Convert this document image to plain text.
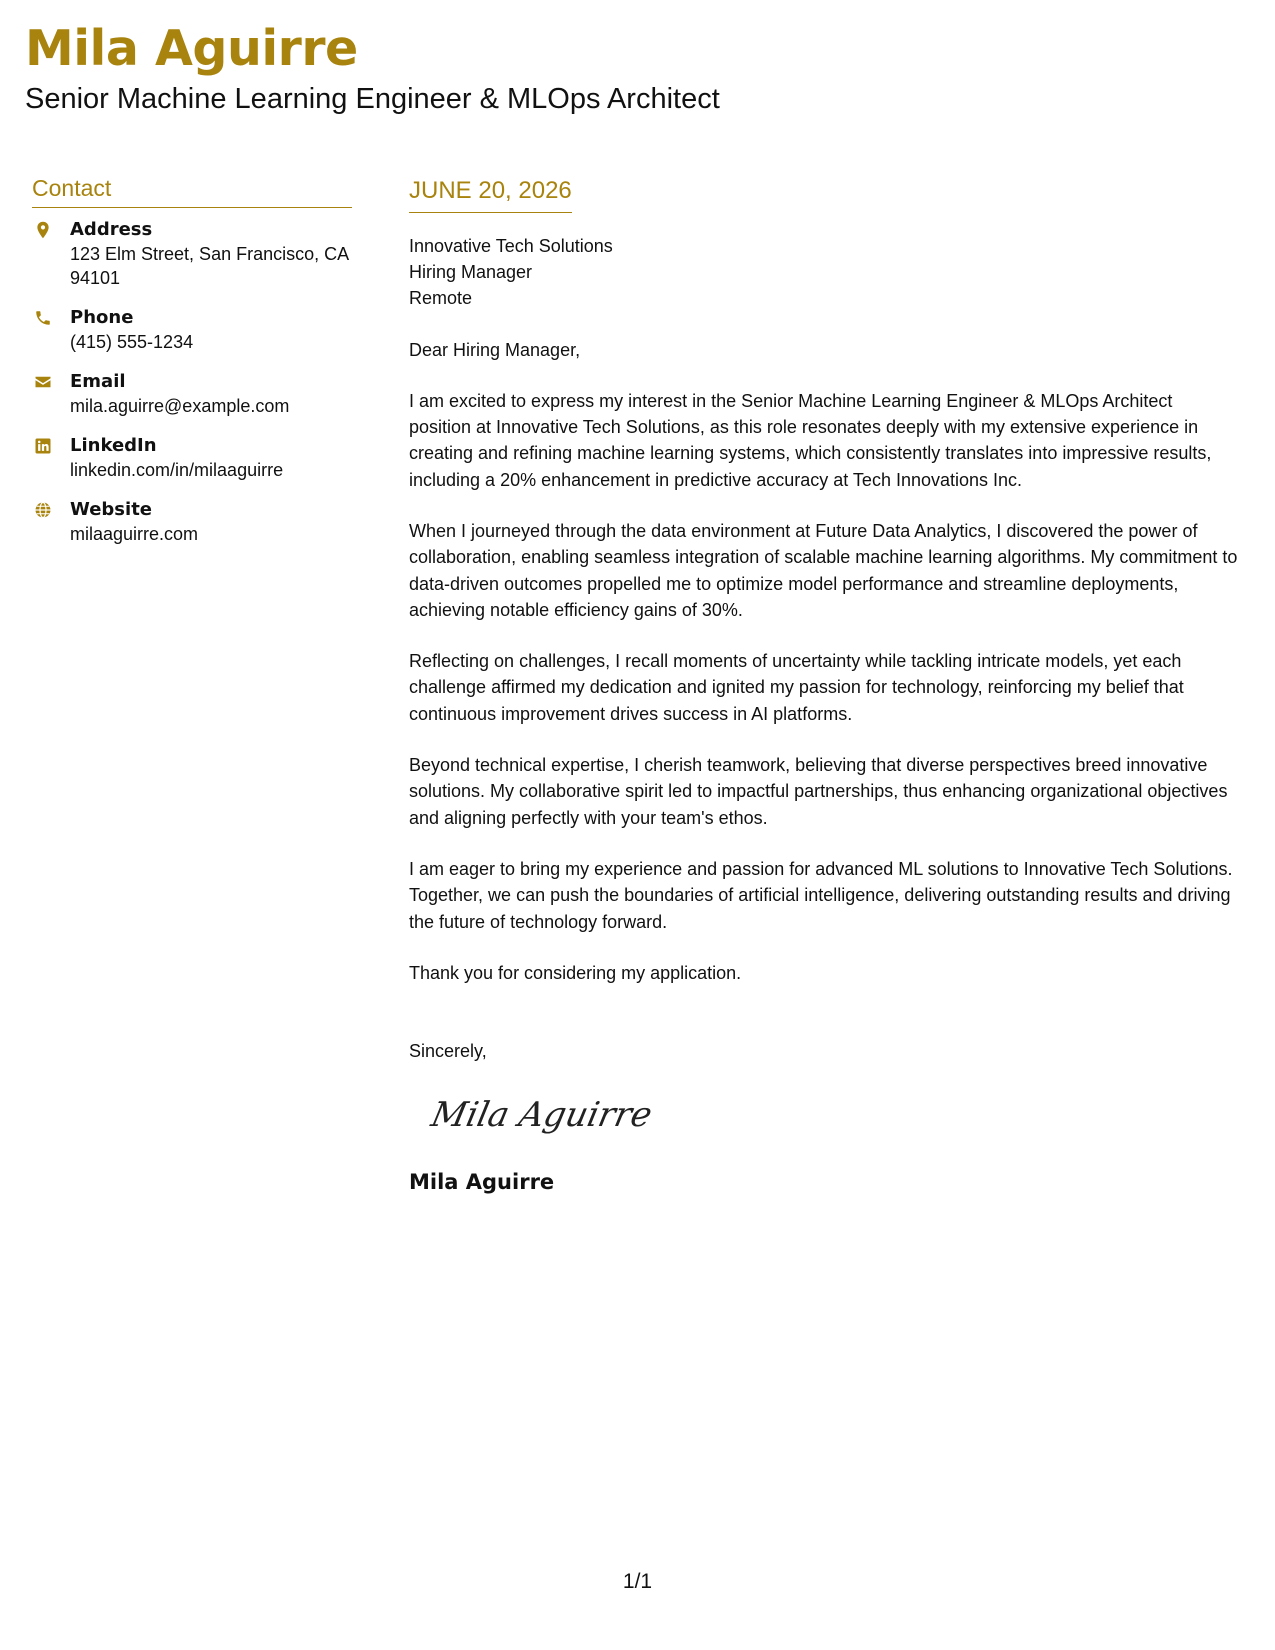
Mila Aguirre
Senior Machine Learning Engineer & MLOps Architect
Contact
Address
123 Elm Street, San Francisco, CA 94101
Phone
(415) 555-1234
Email
mila.aguirre@example.com
LinkedIn
linkedin.com/in/milaaguirre
Website
milaaguirre.com
JUNE 20, 2026
Innovative Tech Solutions
Hiring Manager
Remote
Dear Hiring Manager,

I am excited to express my interest in the Senior Machine Learning Engineer & MLOps Architect position at Innovative Tech Solutions, as this role resonates deeply with my extensive experience in creating and refining machine learning systems, which consistently translates into impressive results, including a 20% enhancement in predictive accuracy at Tech Innovations Inc.

When I journeyed through the data environment at Future Data Analytics, I discovered the power of collaboration, enabling seamless integration of scalable machine learning algorithms. My commitment to data-driven outcomes propelled me to optimize model performance and streamline deployments, achieving notable efficiency gains of 30%.

Reflecting on challenges, I recall moments of uncertainty while tackling intricate models, yet each challenge affirmed my dedication and ignited my passion for technology, reinforcing my belief that continuous improvement drives success in AI platforms.

Beyond technical expertise, I cherish teamwork, believing that diverse perspectives breed innovative solutions. My collaborative spirit led to impactful partnerships, thus enhancing organizational objectives and aligning perfectly with your team's ethos.

I am eager to bring my experience and passion for advanced ML solutions to Innovative Tech Solutions. Together, we can push the boundaries of artificial intelligence, delivering outstanding results and driving the future of technology forward.

Thank you for considering my application.

Sincerely,
Mila Aguirre
Mila Aguirre
1/1
